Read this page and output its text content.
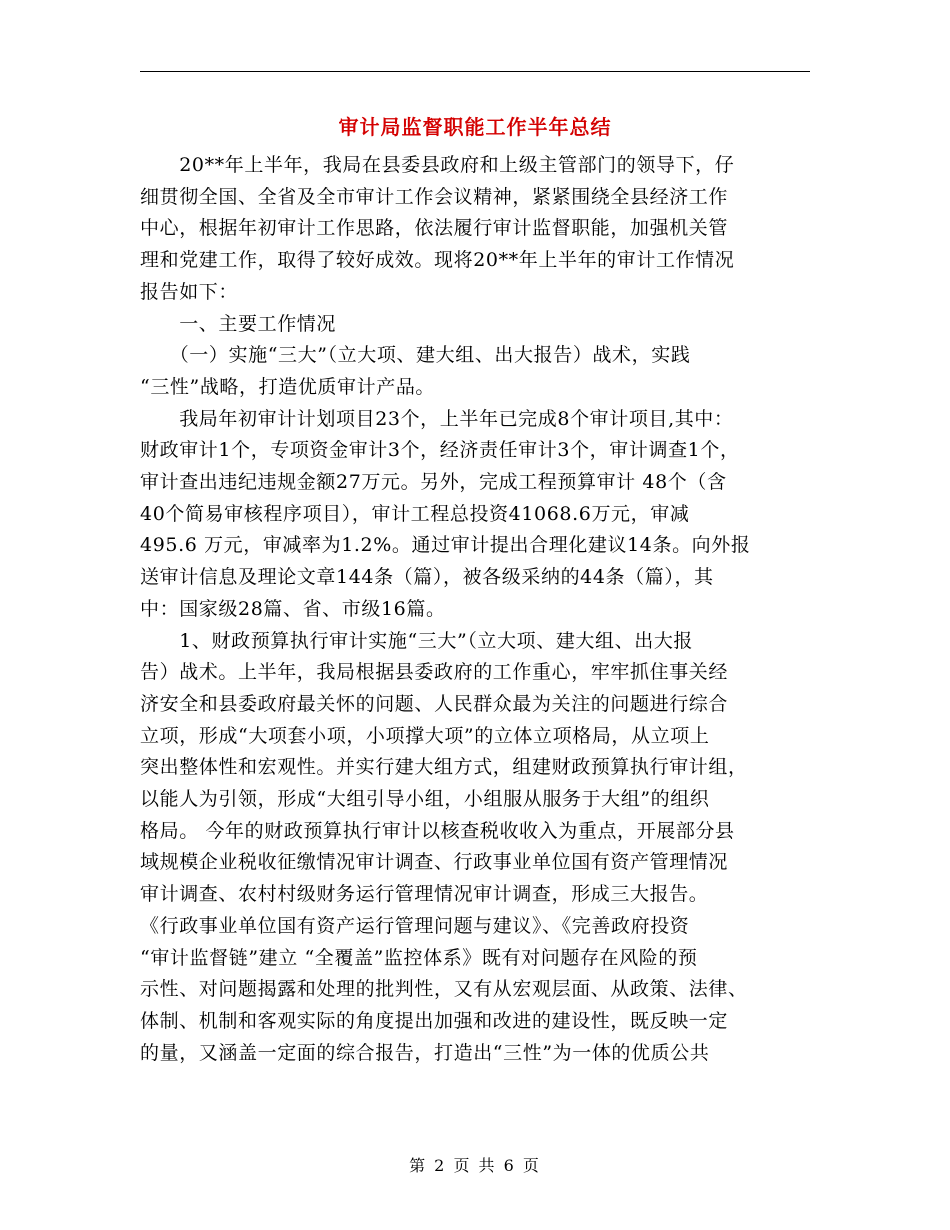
审计局监督职能工作半年总结
　　20**年上半年，我局在县委县政府和上级主管部门的领导下，仔
细贯彻全国、全省及全市审计工作会议精神，紧紧围绕全县经济工作
中心，根据年初审计工作思路，依法履行审计监督职能，加强机关管
理和党建工作，取得了较好成效。现将20**年上半年的审计工作情况
报告如下：
　　一、主要工作情况
　　（一）实施“三大”（立大项、建大组、出大报告）战术，实践
“三性”战略，打造优质审计产品。
　　我局年初审计计划项目23个，上半年已完成8个审计项目,其中：
财政审计1个，专项资金审计3个，经济责任审计3个，审计调查1个，
审计查出违纪违规金额27万元。另外，完成工程预算审计 48个（含
40个简易审核程序项目），审计工程总投资41068.6万元，审减
495.6 万元，审减率为1.2%。通过审计提出合理化建议14条。向外报
送审计信息及理论文章144条（篇），被各级采纳的44条（篇），其
中：国家级28篇、省、市级16篇。
　　1、财政预算执行审计实施“三大”（立大项、建大组、出大报
告）战术。上半年，我局根据县委政府的工作重心，牢牢抓住事关经
济安全和县委政府最关怀的问题、人民群众最为关注的问题进行综合
立项，形成“大项套小项，小项撑大项”的立体立项格局，从立项上
突出整体性和宏观性。并实行建大组方式，组建财政预算执行审计组，
以能人为引领，形成“大组引导小组，小组服从服务于大组”的组织
格局。 今年的财政预算执行审计以核查税收收入为重点，开展部分县
域规模企业税收征缴情况审计调查、行政事业单位国有资产管理情况
审计调查、农村村级财务运行管理情况审计调查，形成三大报告。
《行政事业单位国有资产运行管理问题与建议》、《完善政府投资
“审计监督链”建立 “全覆盖”监控体系》既有对问题存在风险的预
示性、对问题揭露和处理的批判性，又有从宏观层面、从政策、法律、
体制、机制和客观实际的角度提出加强和改进的建设性，既反映一定
的量，又涵盖一定面的综合报告，打造出“三性”为一体的优质公共
第 2 页 共 6 页
